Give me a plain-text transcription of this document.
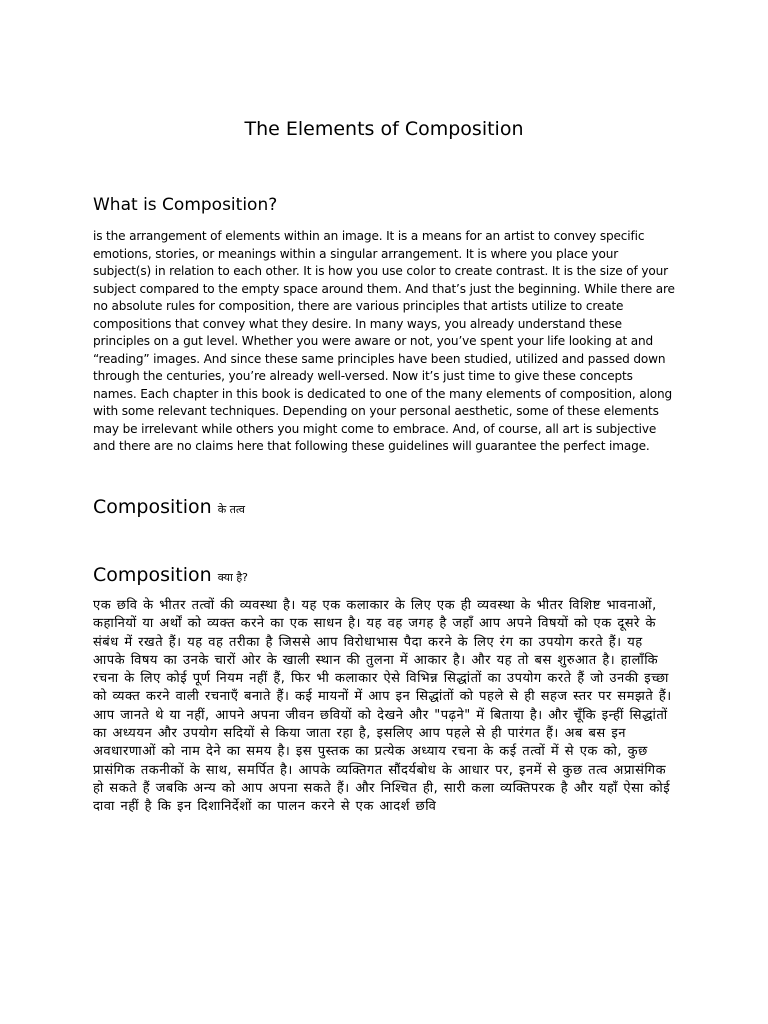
The Elements of Composition
What is Composition?

is the arrangement of elements within an image. It is a means for an artist to convey specific emotions, stories, or meanings within a singular arrangement. It is where you place your subject(s) in relation to each other. It is how you use color to create contrast. It is the size of your subject compared to the empty space around them. And that’s just the beginning. While there are no absolute rules for composition, there are various principles that artists utilize to create compositions that convey what they desire. In many ways, you already understand these principles on a gut level. Whether you were aware or not, you’ve spent your life looking at and “reading” images. And since these same principles have been studied, utilized and passed down through the centuries, you’re already well-versed. Now it’s just time to give these concepts names. Each chapter in this book is dedicated to one of the many elements of composition, along with some relevant techniques. Depending on your personal aesthetic, some of these elements may be irrelevant while others you might come to embrace. And, of course, all art is subjective and there are no claims here that following these guidelines will guarantee the perfect image.

Composition के तत्व
Composition क्या है?

एक छवि के भीतर तत्वों की व्यवस्था है। यह एक कलाकार के लिए एक ही व्यवस्था के भीतर विशिष्ट भावनाओं, कहानियों या अर्थों को व्यक्त करने का एक साधन है। यह वह जगह है जहाँ आप अपने विषयों को एक दूसरे के संबंध में रखते हैं। यह वह तरीका है जिससे आप विरोधाभास पैदा करने के लिए रंग का उपयोग करते हैं। यह आपके विषय का उनके चारों ओर के खाली स्थान की तुलना में आकार है। और यह तो बस शुरुआत है। हालाँकि रचना के लिए कोई पूर्ण नियम नहीं हैं, फिर भी कलाकार ऐसे विभिन्न सिद्धांतों का उपयोग करते हैं जो उनकी इच्छा को व्यक्त करने वाली रचनाएँ बनाते हैं। कई मायनों में आप इन सिद्धांतों को पहले से ही सहज स्तर पर समझते हैं। आप जानते थे या नहीं, आपने अपना जीवन छवियों को देखने और "पढ़ने" में बिताया है। और चूँकि इन्हीं सिद्धांतों का अध्ययन और उपयोग सदियों से किया जाता रहा है, इसलिए आप पहले से ही पारंगत हैं। अब बस इन अवधारणाओं को नाम देने का समय है। इस पुस्तक का प्रत्येक अध्याय रचना के कई तत्वों में से एक को, कुछ प्रासंगिक तकनीकों के साथ, समर्पित है। आपके व्यक्तिगत सौंदर्यबोध के आधार पर, इनमें से कुछ तत्व अप्रासंगिक हो सकते हैं जबकि अन्य को आप अपना सकते हैं। और निश्चित ही, सारी कला व्यक्तिपरक है और यहाँ ऐसा कोई दावा नहीं है कि इन दिशानिर्देशों का पालन करने से एक आदर्श छवि
